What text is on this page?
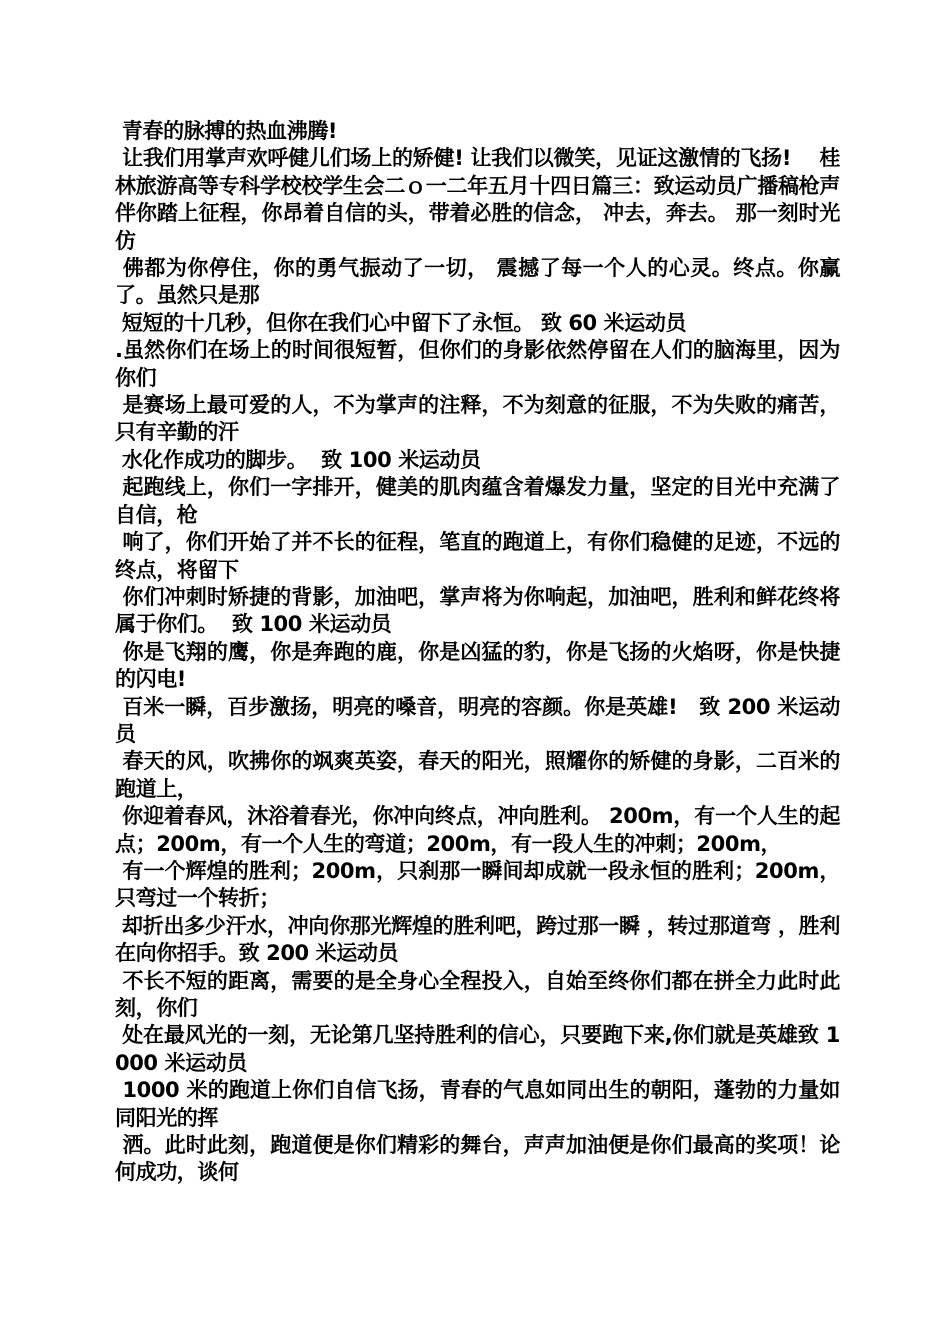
青春的脉搏的热血沸腾!

让我们用掌声欢呼健儿们场上的矫健! 让我们以微笑，见证这激情的飞扬!    桂林旅游高等专科学校校学生会二ｏ一二年五月十四日篇三：致运动员广播稿枪声伴你踏上征程，你昂着自信的头，带着必胜的信念， 冲去，奔去。 那一刻时光仿

佛都为你停住，你的勇气振动了一切， 震撼了每一个人的心灵。终点。你赢了。虽然只是那

短短的十几秒，但你在我们心中留下了永恒。 致 60 米运动员

.虽然你们在场上的时间很短暂，但你们的身影依然停留在人们的脑海里，因为你们

是赛场上最可爱的人，不为掌声的注释，不为刻意的征服，不为失败的痛苦，只有辛勤的汗

水化作成功的脚步。  致 100 米运动员

起跑线上，你们一字排开，健美的肌肉蕴含着爆发力量，坚定的目光中充满了自信，枪

响了，你们开始了并不长的征程，笔直的跑道上，有你们稳健的足迹，不远的终点，将留下

你们冲刺时矫捷的背影，加油吧，掌声将为你响起，加油吧，胜利和鲜花终将属于你们。  致 100 米运动员

你是飞翔的鹰，你是奔跑的鹿，你是凶猛的豹，你是飞扬的火焰呀，你是快捷的闪电!

百米一瞬，百步激扬，明亮的嗓音，明亮的容颜。你是英雄!   致 200 米运动员

春天的风，吹拂你的飒爽英姿，春天的阳光，照耀你的矫健的身影，二百米的跑道上，

你迎着春风，沐浴着春光，你冲向终点，冲向胜利。 200m，有一个人生的起点；200m，有一个人生的弯道；200m，有一段人生的冲刺；200m，

有一个辉煌的胜利；200m，只刹那一瞬间却成就一段永恒的胜利；200m，只弯过一个转折；

却折出多少汗水，冲向你那光辉煌的胜利吧，跨过那一瞬 ，转过那道弯 ，胜利在向你招手。致 200 米运动员

不长不短的距离，需要的是全身心全程投入，自始至终你们都在拼全力此时此刻，你们

处在最风光的一刻，无论第几坚持胜利的信心，只要跑下来,你们就是英雄致 1000 米运动员

1000 米的跑道上你们自信飞扬，青春的气息如同出生的朝阳，蓬勃的力量如同阳光的挥

洒。此时此刻，跑道便是你们精彩的舞台，声声加油便是你们最高的奖项！论何成功，谈何
